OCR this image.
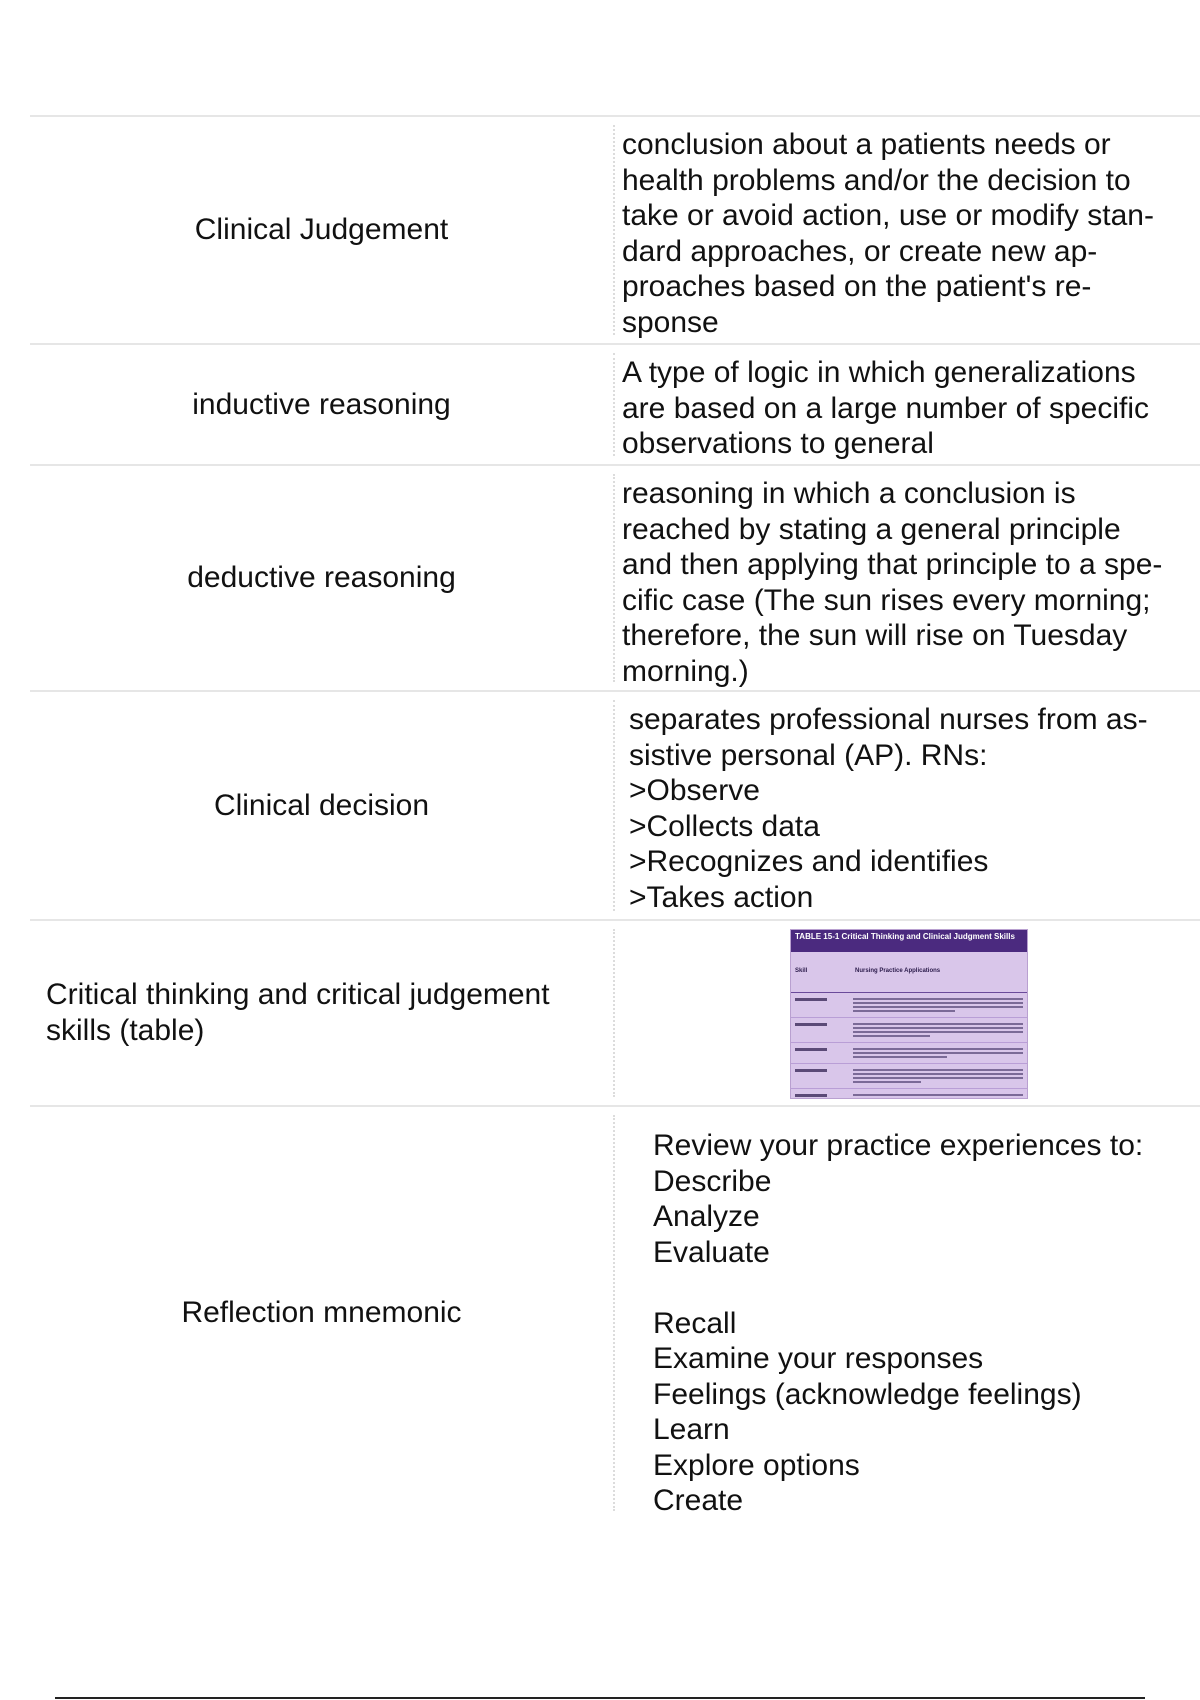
Clinical Judgement
conclusion about a patients needs or
health problems and/or the decision to
take or avoid action, use or modify stan-
dard approaches, or create new ap-
proaches based on the patient's re-
sponse
inductive reasoning
A type of logic in which generalizations
are based on a large number of specific
observations to general
deductive reasoning
reasoning in which a conclusion is
reached by stating a general principle
and then applying that principle to a spe-
cific case (The sun rises every morning;
therefore, the sun will rise on Tuesday
morning.)
Clinical decision
separates professional nurses from as-
sistive personal (AP). RNs:
>Observe
>Collects data
>Recognizes and identifies
>Takes action
Critical thinking and critical judgement
skills (table)
TABLE 15-1 Critical Thinking and Clinical Judgment Skills
Skill	Nursing Practice Applications
Reflection mnemonic
Review your practice experiences to:
Describe
Analyze
Evaluate
Recall
Examine your responses
Feelings (acknowledge feelings)
Learn
Explore options
Create
